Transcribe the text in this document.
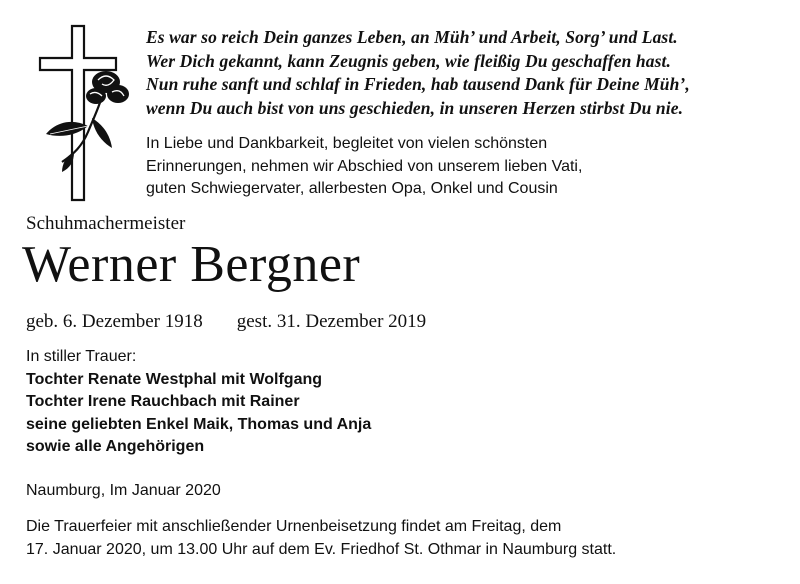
Es war so reich Dein ganzes Leben, an Müh’ und Arbeit, Sorg’ und Last.
Wer Dich gekannt, kann Zeugnis geben, wie fleißig Du geschaffen hast.
Nun ruhe sanft und schlaf in Frieden, hab tausend Dank für Deine Müh’,
wenn Du auch bist von uns geschieden, in unseren Herzen stirbst Du nie.
In Liebe und Dankbarkeit, begleitet von vielen schönsten
Erinnerungen, nehmen wir Abschied von unserem lieben Vati,
guten Schwiegervater, allerbesten Opa, Onkel und Cousin
Schuhmachermeister
Werner Bergner
geb. 6. Dezember 1918 gest. 31. Dezember 2019
In stiller Trauer:
Tochter Renate Westphal mit Wolfgang
Tochter Irene Rauchbach mit Rainer
seine geliebten Enkel Maik, Thomas und Anja
sowie alle Angehörigen
Naumburg, Im Januar 2020
Die Trauerfeier mit anschließender Urnenbeisetzung findet am Freitag, dem
17. Januar 2020, um 13.00 Uhr auf dem Ev. Friedhof St. Othmar in Naumburg statt.
